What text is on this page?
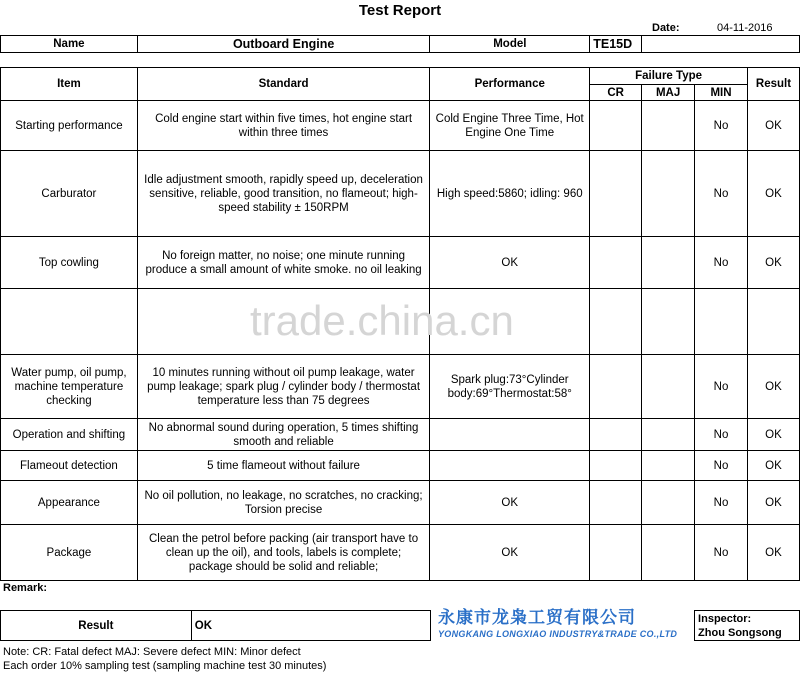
Test Report
Date:	04-11-2016
Name	Outboard Engine	Model	TE15D	
Item	Standard	Performance	Failure Type			Result
			CR	MAJ	MIN	
Starting performance	Cold engine start within five times, hot engine start within three times	Cold Engine Three Time, Hot Engine One Time			No	OK
Carburator	Idle adjustment smooth, rapidly speed up, deceleration sensitive, reliable, good transition, no flameout; high-speed stability ± 150RPM	High speed:5860; idling: 960			No	OK
Top cowling	No foreign matter, no noise; one minute running produce a small amount of white smoke. no oil leaking	OK			No	OK

Water pump, oil pump, machine temperature checking	10 minutes running without oil pump leakage, water pump leakage; spark plug / cylinder body / thermostat temperature less than 75 degrees	Spark plug:73°Cylinder body:69°Thermostat:58°			No	OK
Operation and shifting	No abnormal sound during operation, 5 times shifting smooth and reliable				No	OK
Flameout detection	5 time flameout without failure				No	OK
Appearance	No oil pollution, no leakage, no scratches, no cracking; Torsion precise	OK			No	OK
Package	Clean the petrol before packing (air transport have to clean up the oil), and tools, labels is complete; package should be solid and reliable;	OK			No	OK
trade.china.cn
Remark:
Result	OK		
Inspector:
Zhou Songsong
永康市龙枭工贸有限公司
YONGKANG LONGXIAO INDUSTRY&TRADE CO.,LTD
Note: CR: Fatal defect MAJ: Severe defect MIN: Minor defect
Each order 10% sampling test (sampling machine test 30 minutes)
